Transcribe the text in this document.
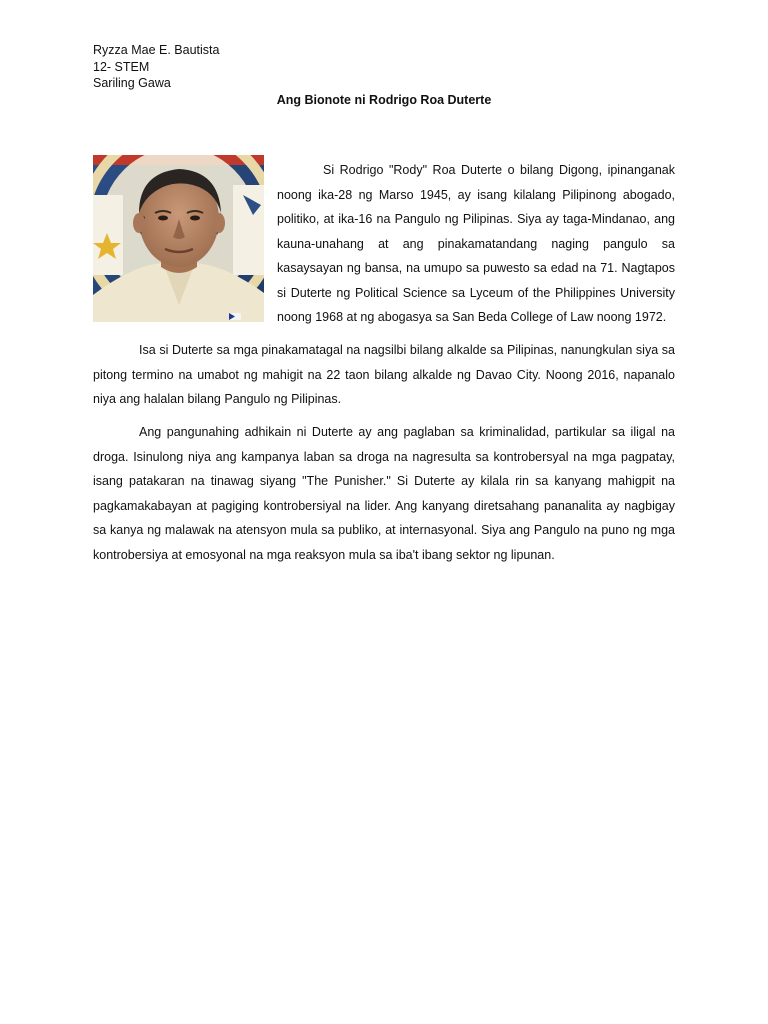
Ryzza Mae E. Bautista
12- STEM
Sariling Gawa
Ang Bionote ni Rodrigo Roa Duterte

Si Rodrigo "Rody" Roa Duterte o bilang Digong, ipinanganak noong ika-28 ng Marso 1945, ay isang kilalang Pilipinong abogado, politiko, at ika-16 na Pangulo ng Pilipinas. Siya ay taga-Mindanao, ang kauna-unahang at ang pinakamatandang naging pangulo sa kasaysayan ng bansa, na umupo sa puwesto sa edad na 71. Nagtapos si Duterte ng Political Science sa Lyceum of the Philippines University noong 1968 at ng abogasya sa San Beda College of Law noong 1972.

Isa si Duterte sa mga pinakamatagal na nagsilbi bilang alkalde sa Pilipinas, nanungkulan siya sa pitong termino na umabot ng mahigit na 22 taon bilang alkalde ng Davao City. Noong 2016, napanalo niya ang halalan bilang Pangulo ng Pilipinas.

Ang pangunahing adhikain ni Duterte ay ang paglaban sa kriminalidad, partikular sa iligal na droga. Isinulong niya ang kampanya laban sa droga na nagresulta sa kontrobersyal na mga pagpatay, isang patakaran na tinawag siyang "The Punisher." Si Duterte ay kilala rin sa kanyang mahigpit na pagkamakabayan at pagiging kontrobersiyal na lider. Ang kanyang diretsahang pananalita ay nagbigay sa kanya ng malawak na atensyon mula sa publiko, at internasyonal. Siya ang Pangulo na puno ng mga kontrobersiya at emosyonal na mga reaksyon mula sa iba't ibang sektor ng lipunan.
